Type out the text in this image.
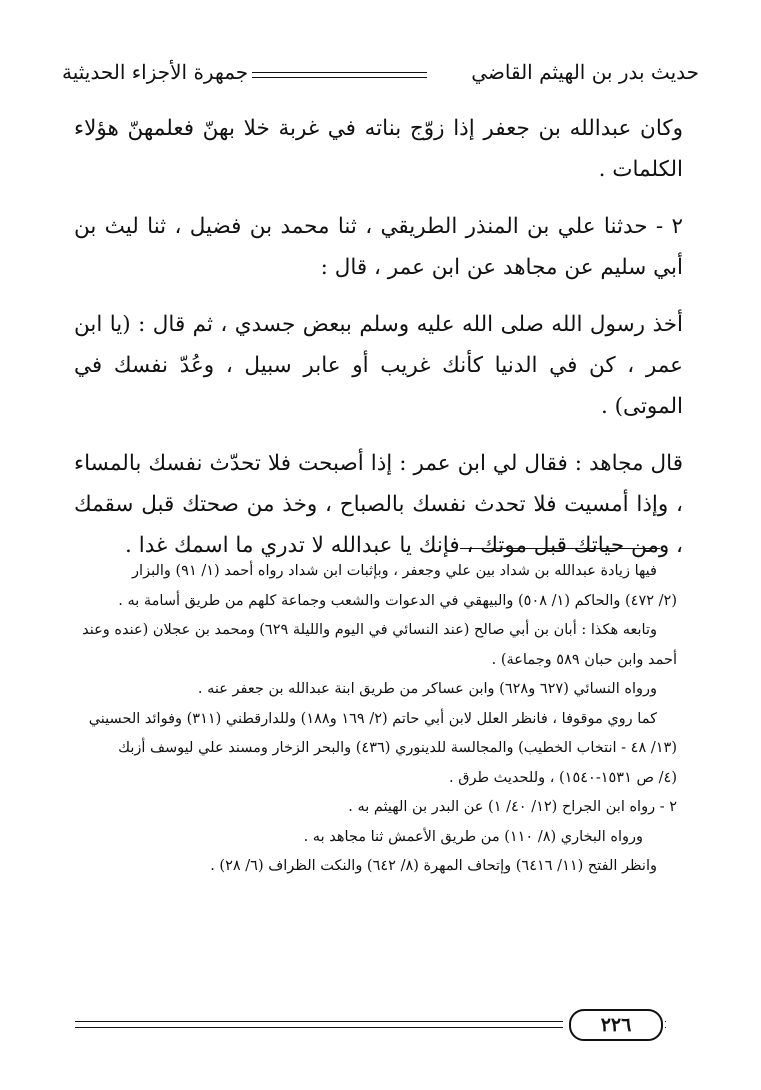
حديث بدر بن الهيثم القاضي
جمهرة الأجزاء الحديثية

وكان عبدالله بن جعفر إذا زوّج بناته في غربة خلا بهنّ فعلمهنّ هؤلاء الكلمات .

٢ - حدثنا علي بن المنذر الطريقي ، ثنا محمد بن فضيل ، ثنا ليث بن أبي سليم عن مجاهد عن ابن عمر ، قال :

أخذ رسول الله صلى الله عليه وسلم ببعض جسدي ، ثم قال : (يا ابن عمر ، كن في الدنيا كأنك غريب أو عابر سبيل ، وعُدّ نفسك في الموتى) .

قال مجاهد : فقال لي ابن عمر : إذا أصبحت فلا تحدّث نفسك بالمساء ، وإذا أمسيت فلا تحدث نفسك بالصباح ، وخذ من صحتك قبل سقمك ، ومن حياتك قبل موتك ، فإنك يا عبدالله لا تدري ما اسمك غدا .

فيها زيادة عبدالله بن شداد بين علي وجعفر ، وبإثبات ابن شداد رواه أحمد (١/ ٩١) والبزار

(٢/ ٤٧٢) والحاكم (١/ ٥٠٨) والبيهقي في الدعوات والشعب وجماعة كلهم من طريق أسامة به .

وتابعه هكذا : أبان بن أبي صالح (عند النسائي في اليوم والليلة ٦٢٩) ومحمد بن عجلان (عنده وعند

أحمد وابن حبان ٥٨٩ وجماعة) .

ورواه النسائي (٦٢٧ و٦٢٨) وابن عساكر من طريق ابنة عبدالله بن جعفر عنه .

كما روي موقوفا ، فانظر العلل لابن أبي حاتم (٢/ ١٦٩ و١٨٨) وللدارقطني (٣١١) وفوائد الحسيني

(١٣/ ٤٨ - انتخاب الخطيب) والمجالسة للدينوري (٤٣٦) والبحر الزخار ومسند علي ليوسف أزبك

(٤/ ص ١٥٣١-١٥٤٠) ، وللحديث طرق .

٢ - رواه ابن الجراح (١٢/ ٤٠/ ١) عن البدر بن الهيثم به .

ورواه البخاري (٨/ ١١٠) من طريق الأعمش ثنا مجاهد به .

وانظر الفتح (١١/ ٦٤١٦) وإتحاف المهرة (٨/ ٦٤٢) والنكت الظراف (٦/ ٢٨) .

٢٢٦
